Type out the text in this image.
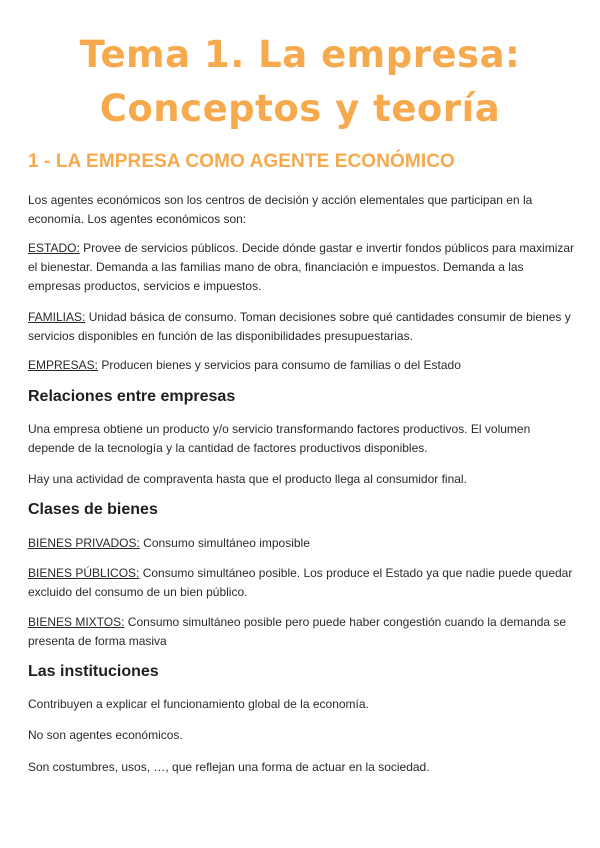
Tema 1. La empresa:
Conceptos y teoría
1 - LA EMPRESA COMO AGENTE ECONÓMICO
Los agentes económicos son los centros de decisión y acción elementales que participan en la economía. Los agentes económicos son:
ESTADO: Provee de servicios públicos. Decide dónde gastar e invertir fondos públicos para maximizar el bienestar. Demanda a las familias mano de obra, financiación e impuestos. Demanda a las empresas productos, servicios e impuestos.
FAMILIAS: Unidad básica de consumo. Toman decisiones sobre qué cantidades consumir de bienes y servicios disponibles en función de las disponibilidades presupuestarias.
EMPRESAS: Producen bienes y servicios para consumo de familias o del Estado
Relaciones entre empresas
Una empresa obtiene un producto y/o servicio transformando factores productivos. El volumen depende de la tecnología y la cantidad de factores productivos disponibles.
Hay una actividad de compraventa hasta que el producto llega al consumidor final.
Clases de bienes
BIENES PRIVADOS: Consumo simultáneo imposible
BIENES PÚBLICOS: Consumo simultáneo posible. Los produce el Estado ya que nadie puede quedar excluido del consumo de un bien público.
BIENES MIXTOS: Consumo simultáneo posible pero puede haber congestión cuando la demanda se presenta de forma masiva
Las instituciones
Contribuyen a explicar el funcionamiento global de la economía.
No son agentes económicos.
Son costumbres, usos, …, que reflejan una forma de actuar en la sociedad.
